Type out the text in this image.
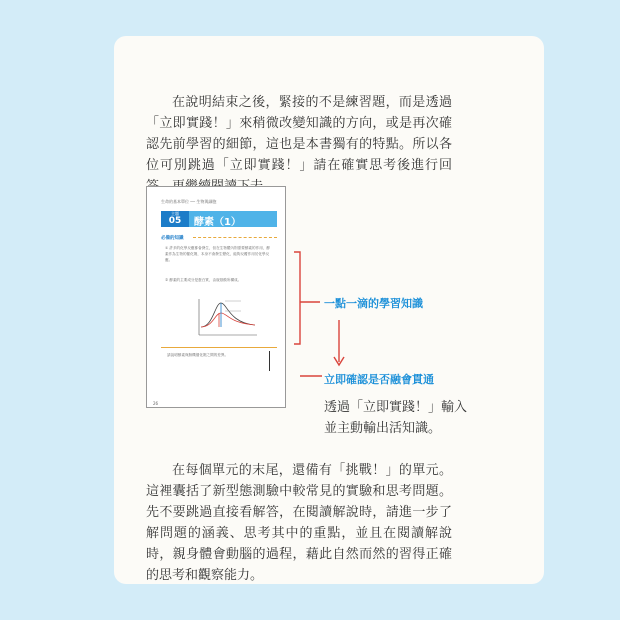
在說明結束之後，緊接的不是練習題，而是透過「立即實踐！」來稍微改變知識的方向，或是再次確認先前學習的細節，這也是本書獨有的特點。所以各位可別跳過「立即實踐！」請在確實思考後進行回
生命的基本單位 ── 生物與細胞
主題
05	酵素（1）
必備的知識
① 許多的化學反應都會發生，但在生物體內則需要酵素的作用，酵素作為生物的催化劑，本身不會發生變化，能夠反覆作用於化學反應。
② 酵素的主要成分是蛋白質，由胺基酸所構成。
請說明酵素與無機催化劑之間的差異。
26
一點一滴的學習知識
立即確認是否融會貫通
透過「立即實踐！」輸入並主動輸出活知識。
在每個單元的末尾，還備有「挑戰！」的單元。這裡囊括了新型態測驗中較常見的實驗和思考問題。先不要跳過直接看解答，在閱讀解說時，請進一步了解問題的涵義、思考其中的重點，並且在閱讀解說時，親身體會動腦的過程，藉此自然而然的習得正確的思考和觀察能力。
